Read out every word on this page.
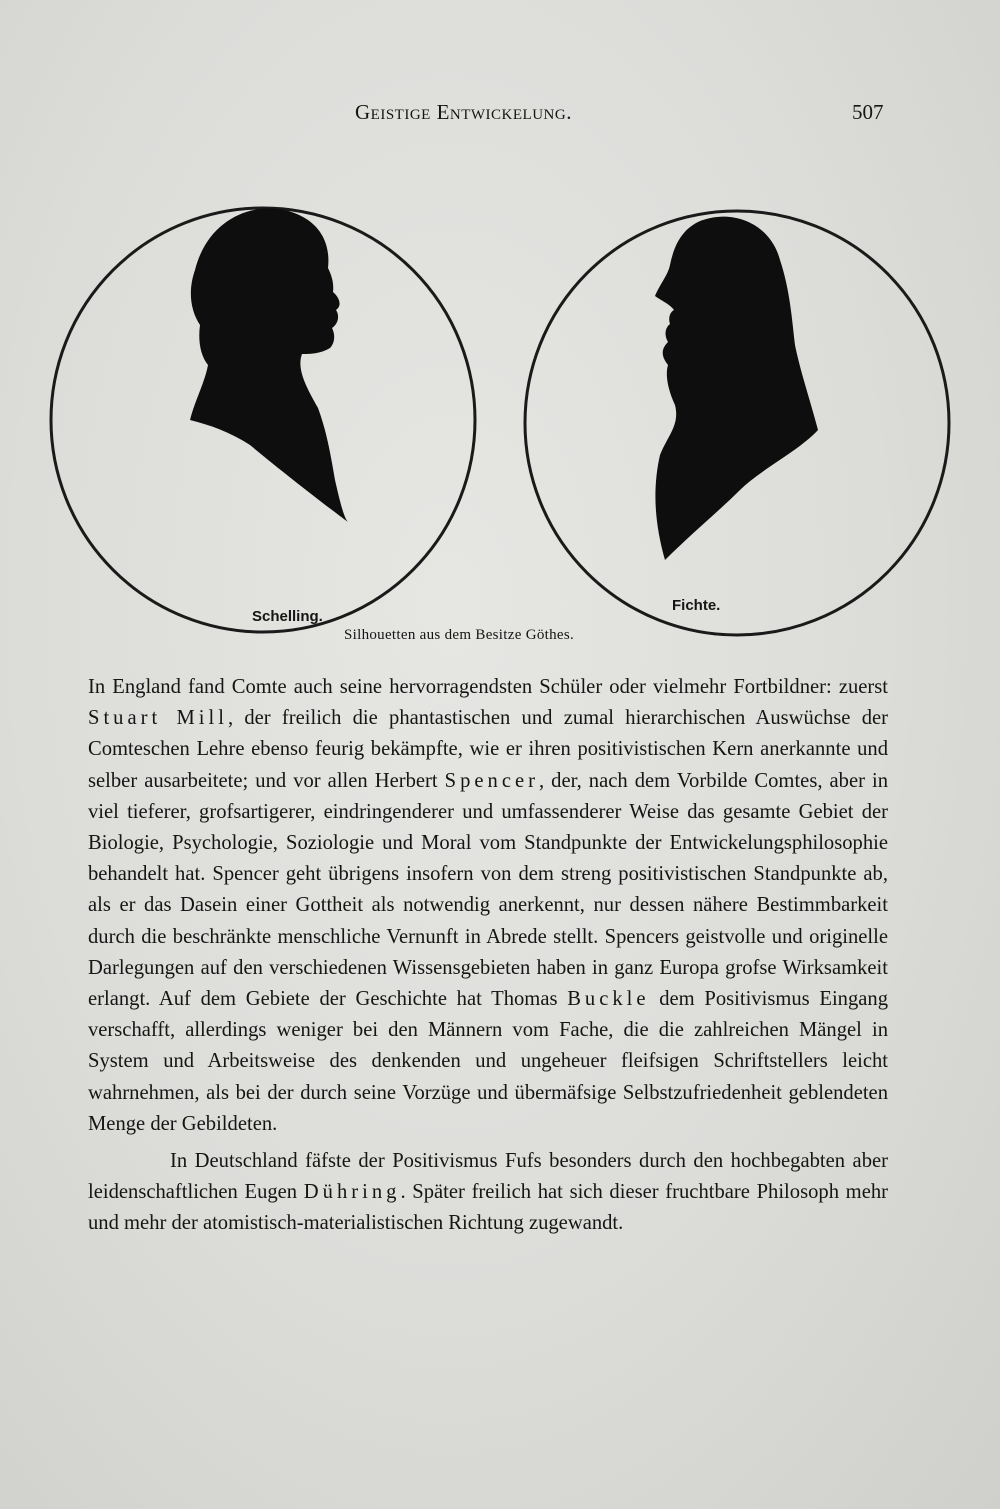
Geistige Entwickelung.	507
Schelling.
Fichte.
Silhouetten aus dem Besitze Göthes.

In England fand Comte auch seine hervorragendsten Schüler oder vielmehr Fortbildner: zuerst Stuart Mill, der freilich die phantastischen und zumal hierarchischen Auswüchse der Comteschen Lehre ebenso feurig bekämpfte, wie er ihren positivistischen Kern anerkannte und selber ausarbeitete; und vor allen Herbert Spencer, der, nach dem Vorbilde Comtes, aber in viel tieferer, grofsartigerer, eindringenderer und umfassenderer Weise das gesamte Gebiet der Biologie, Psychologie, Soziologie und Moral vom Standpunkte der Entwickelungsphilosophie behandelt hat. Spencer geht übrigens insofern von dem streng positivistischen Standpunkte ab, als er das Dasein einer Gottheit als notwendig anerkennt, nur dessen nähere Bestimmbarkeit durch die beschränkte menschliche Vernunft in Abrede stellt. Spencers geistvolle und originelle Darlegungen auf den verschiedenen Wissensgebieten haben in ganz Europa grofse Wirksamkeit erlangt. Auf dem Gebiete der Geschichte hat Thomas Buckle dem Positivismus Eingang verschafft, allerdings weniger bei den Männern vom Fache, die die zahlreichen Mängel in System und Arbeitsweise des denkenden und ungeheuer fleifsigen Schriftstellers leicht wahrnehmen, als bei der durch seine Vorzüge und übermäfsige Selbstzufriedenheit geblendeten Menge der Gebildeten.

In Deutschland fäfste der Positivismus Fufs besonders durch den hochbegabten aber leidenschaftlichen Eugen Dühring. Später freilich hat sich dieser fruchtbare Philosoph mehr und mehr der atomistisch-materialistischen Richtung zugewandt.
